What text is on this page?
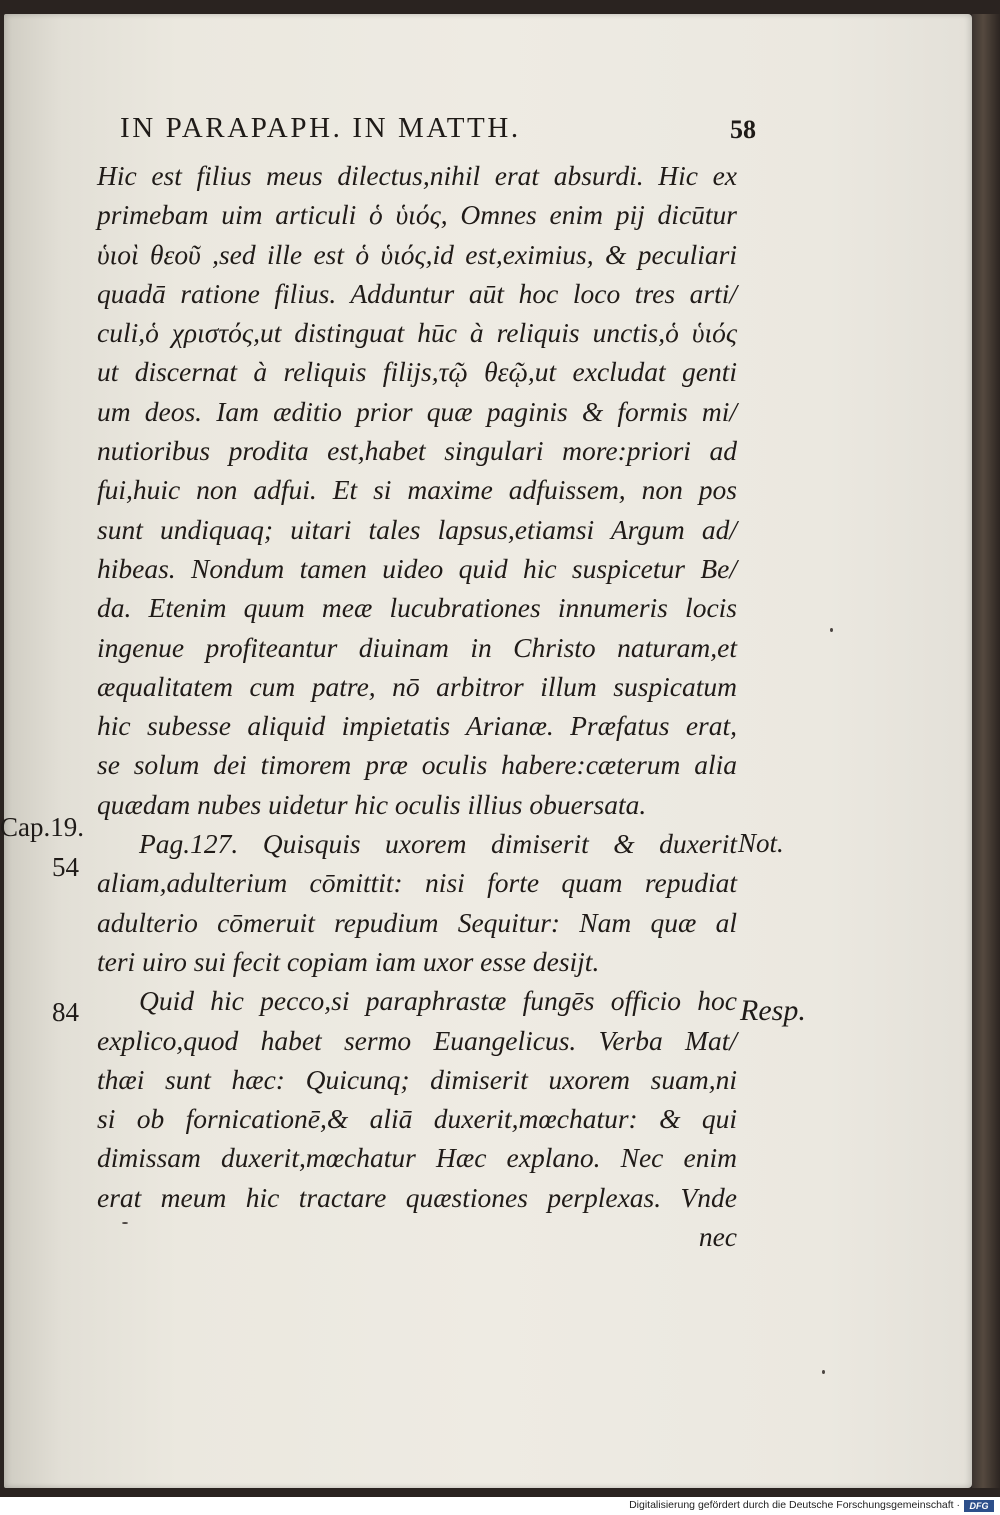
IN PARAPAPH. IN MATTH.	58
Hic est filius meus dilectus,nihil erat absurdi. Hic ex
primebam uim articuli ὁ ὑιός, Omnes enim pij dicūtur
ὑιοὶ θεοῦ ,sed ille est ὁ ὑιός,id est,eximius, & peculiari
quadā ratione filius. Adduntur aūt hoc loco tres arti/
culi,ὁ χριστός,ut distinguat hūc à reliquis unctis,ὁ ὑιός
ut discernat à reliquis filijs,τῷ θεῷ,ut excludat genti
um deos. Iam æditio prior quæ paginis & formis mi/
nutioribus prodita est,habet singulari more:priori ad
fui,huic non adfui. Et si maxime adfuissem, non pos
sunt undiquaq; uitari tales lapsus,etiamsi Argum ad/
hibeas. Nondum tamen uideo quid hic suspicetur Be/
da. Etenim quum meæ lucubrationes innumeris locis
ingenue profiteantur diuinam in Christo naturam,et
æqualitatem cum patre, nō arbitror illum suspicatum
hic subesse aliquid impietatis Arianæ. Præfatus erat,
se solum dei timorem præ oculis habere:cæterum alia
quædam nubes uidetur hic oculis illius obuersata.
Pag.127. Quisquis uxorem dimiserit & duxerit
aliam,adulterium cōmittit: nisi forte quam repudiat
adulterio cōmeruit repudium Sequitur: Nam quæ al
teri uiro sui fecit copiam iam uxor esse desijt.
Quid hic pecco,si paraphrastæ fungēs officio hoc
explico,quod habet sermo Euangelicus. Verba Mat/
thæi sunt hæc: Quicunq; dimiserit uxorem suam,ni
si ob fornicationē,& aliā duxerit,mœchatur: & qui
dimissam duxerit,mœchatur Hæc explano. Nec enim
erat meum hic tractare quæstiones perplexas. Vnde
nec
Cap.19.
54
84
Not.
Resp.
Digitalisierung gefördert durch die Deutsche Forschungsgemeinschaft ·	DFG
